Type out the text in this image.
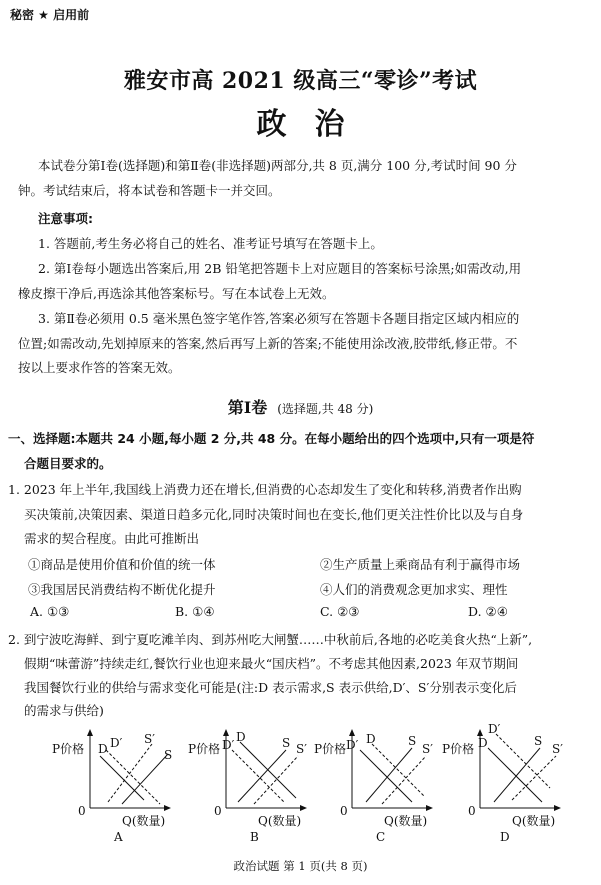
秘密 ★ 启用前
雅安市高 2021 级高三“零诊”考试
政治
本试卷分第Ⅰ卷(选择题)和第Ⅱ卷(非选择题)两部分,共 8 页,满分 100 分,考试时间 90 分
钟。考试结束后，将本试卷和答题卡一并交回。
注意事项:
1. 答题前,考生务必将自己的姓名、准考证号填写在答题卡上。
2. 第Ⅰ卷每小题选出答案后,用 2B 铅笔把答题卡上对应题目的答案标号涂黑;如需改动,用
橡皮擦干净后,再选涂其他答案标号。写在本试卷上无效。
3. 第Ⅱ卷必须用 0.5 毫米黑色签字笔作答,答案必须写在答题卡各题目指定区域内相应的
位置;如需改动,先划掉原来的答案,然后再写上新的答案;不能使用涂改液,胶带纸,修正带。不
按以上要求作答的答案无效。
第Ⅰ卷 (选择题,共 48 分)
一、选择题:本题共 24 小题,每小题 2 分,共 48 分。在每小题给出的四个选项中,只有一项是符
合题目要求的。
1. 2023 年上半年,我国线上消费力还在增长,但消费的心态却发生了变化和转移,消费者作出购
买决策前,决策因素、渠道日趋多元化,同时决策时间也在变长,他们更关注性价比以及与自身
需求的契合程度。由此可推断出
①商品是使用价值和价值的统一体	②生产质量上乘商品有利于赢得市场
③我国居民消费结构不断优化提升	④人们的消费观念更加求实、理性
A. ①③	B. ①④	C. ②③	D. ②④
2. 到宁波吃海鲜、到宁夏吃滩羊肉、到苏州吃大闸蟹……中秋前后,各地的必吃美食火热“上新”,
假期“味蕾游”持续走红,餐饮行业也迎来最火“国庆档”。不考虑其他因素,2023 年双节期间
我国餐饮行业的供给与需求变化可能是(注:D 表示需求,S 表示供给,D′、S′分别表示变化后
的需求与供给)
P价格 D′ S′
D	S
0
Q(数量)
A
P价格 D′
D	S S′
0
Q(数量)
B
P价格 D′ D	S
S′
0
Q(数量)
C
D′
P价格 D	S
S′
0
Q(数量)
D
政治试题 第 1 页(共 8 页)
